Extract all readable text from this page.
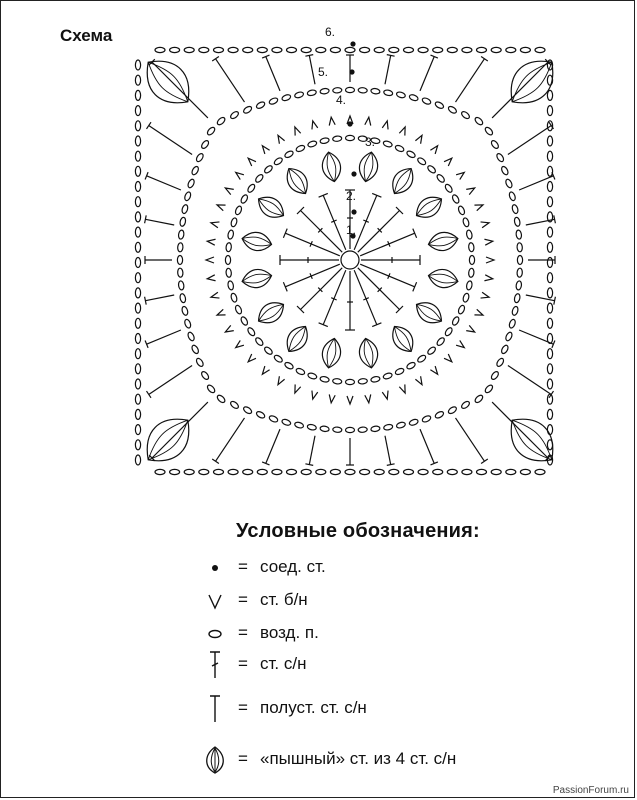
Схема
1.
2.
3.
4.
5.
6.
Условные обозначения:
= соед. ст.
= ст. б/н
= возд. п.
= ст. с/н
= полуст. ст. с/н
= «пышный» ст. из 4 ст. с/н
PassionForum.ru
